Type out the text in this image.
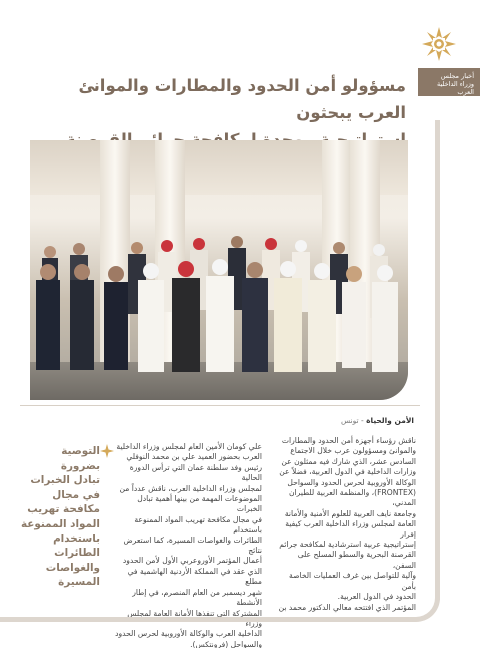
أخبار مجلس
وزراء الداخلية
العرب
مسؤولو أمن الحدود والمطارات والموانئ العرب يبحثون
الأمن والحياة - تونس
ناقش رؤساء أجهزة أمن الحدود والمطارات
والموانئ ومسؤولون عرب خلال الاجتماع
السادس عشر، الذي شارك فيه ممثلون عن
وزارات الداخلية في الدول العربية، فضلاً عن
الوكالة الأوروبية لحرس الحدود والسواحل
(FRONTEX)، والمنظمة العربية للطيران المدني،
وجامعة نايف العربية للعلوم الأمنية والأمانة
العامة لمجلس وزراء الداخلية العرب كيفية إقرار
إستراتيجية عربية استرشادية لمكافحة جرائم
القرصنة البحرية والسطو المسلح على السفن،
وآلية للتواصل بين غرف العمليات الخاصة بأمن
الحدود في الدول العربية.
المؤتمر الذي افتتحه معالي الدكتور محمد بن
علي كومان الأمين العام لمجلس وزراء الداخلية
العرب بحضور العميد علي بن محمد النوفلي
رئيس وفد سلطنة عمان التي ترأس الدورة الحالية
لمجلس وزراء الداخلية العرب، ناقش عدداً من
الموضوعات المهمة من بينها أهمية تبادل الخبرات
في مجال مكافحة تهريب المواد الممنوعة باستخدام
الطائرات والغواصات المسيرة، كما استعرض نتائج
أعمال المؤتمر الأوروعربي الأول لأمن الحدود
الذي عقد في المملكة الأردنية الهاشمية في مطلع
شهر ديسمبر من العام المنصرم، في إطار الأنشطة
المشتركة التي تنفذها الأمانة العامة لمجلس وزراء
الداخلية العرب والوكالة الأوروبية لحرس الحدود
والسواحل (فرونتكس).
التوصية بضرورة
تبادل الخبرات
في مجال
مكافحة تهريب
المواد الممنوعة
باستخدام
الطائرات
والغواصات
المسيرة
